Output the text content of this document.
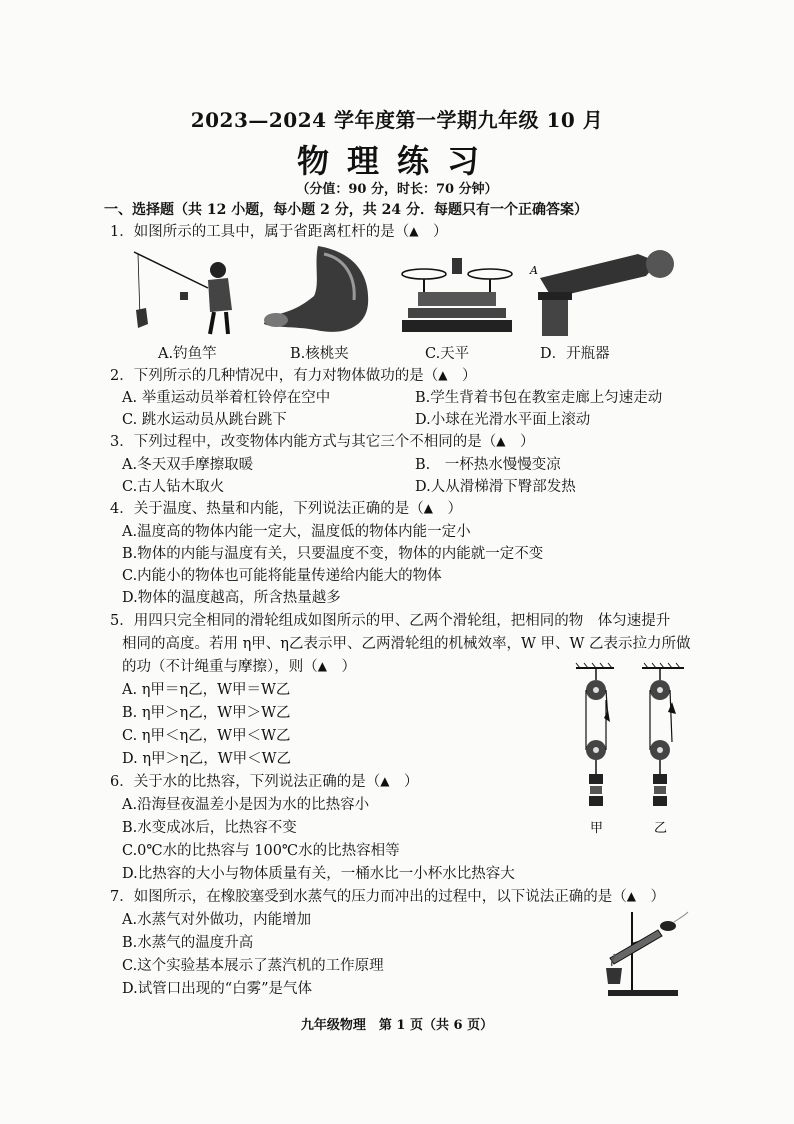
2023—2024 学年度第一学期九年级 10 月
物理练习
（分值：90 分，时长：70 分钟）
一、选择题（共 12 小题，每小题 2 分，共 24 分．每题只有一个正确答案）
1．如图所示的工具中，属于省距离杠杆的是（▲　）
A
A.钓鱼竿	B.核桃夹	C.天平	D．开瓶器
2．下列所示的几种情况中，有力对物体做功的是（▲　）
A. 举重运动员举着杠铃停在空中	B.学生背着书包在教室走廊上匀速走动
C. 跳水运动员从跳台跳下	D.小球在光滑水平面上滚动
3．下列过程中，改变物体内能方式与其它三个不相同的是（▲　）
A.冬天双手摩擦取暖	B.　一杯热水慢慢变凉
C.古人钻木取火	D.人从滑梯滑下臀部发热
4．关于温度、热量和内能，下列说法正确的是（▲　）
A.温度高的物体内能一定大，温度低的物体内能一定小
B.物体的内能与温度有关，只要温度不变，物体的内能就一定不变
C.内能小的物体也可能将能量传递给内能大的物体
D.物体的温度越高，所含热量越多
5．用四只完全相同的滑轮组成如图所示的甲、乙两个滑轮组，把相同的物　体匀速提升
相同的高度。若用 η甲、η乙表示甲、乙两滑轮组的机械效率，W 甲、W 乙表示拉力所做
的功（不计绳重与摩擦），则（▲　）
A. η甲＝η乙，W甲＝W乙
B. η甲＞η乙，W甲＞W乙
C. η甲＜η乙，W甲＜W乙
D. η甲＞η乙，W甲＜W乙
甲	乙
6．关于水的比热容，下列说法正确的是（▲　）
A.沿海昼夜温差小是因为水的比热容小
B.水变成冰后，比热容不变
C.0℃水的比热容与 100℃水的比热容相等
D.比热容的大小与物体质量有关，一桶水比一小杯水比热容大
7．如图所示，在橡胶塞受到水蒸气的压力而冲出的过程中，以下说法正确的是（▲　）
A.水蒸气对外做功，内能增加
B.水蒸气的温度升高
C.这个实验基本展示了蒸汽机的工作原理
D.试管口出现的“白雾”是气体
九年级物理　第 1 页（共 6 页）
